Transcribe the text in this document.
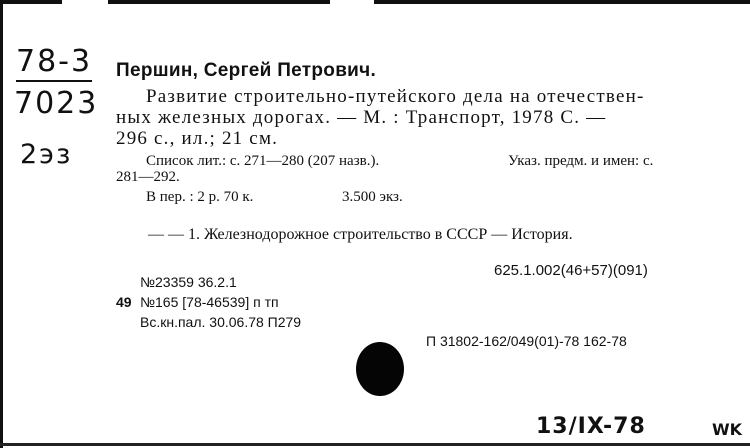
78-3
7023
2эз
Першин, Сергей Петрович.
Развитие строительно-путейского дела на отечествен-
ных железных дорогах. — М. : Транспорт, 1978 С. —
296 с., ил.; 21 см.
Список лит.: с. 271—280 (207 назв.).	Указ. предм. и имен: с.
281—292.
В пер. : 2 р. 70 к.	3.500 экз.
— — 1. Железнодорожное строительство в СССР — История.
625.1.002(46+57)(091)
№23359 36.2.1
49 №165 [78-46539] п тп
Вс.кн.пал. 30.06.78 П279
П 31802-162/049(01)-78 162-78
13/IX-78	WK
